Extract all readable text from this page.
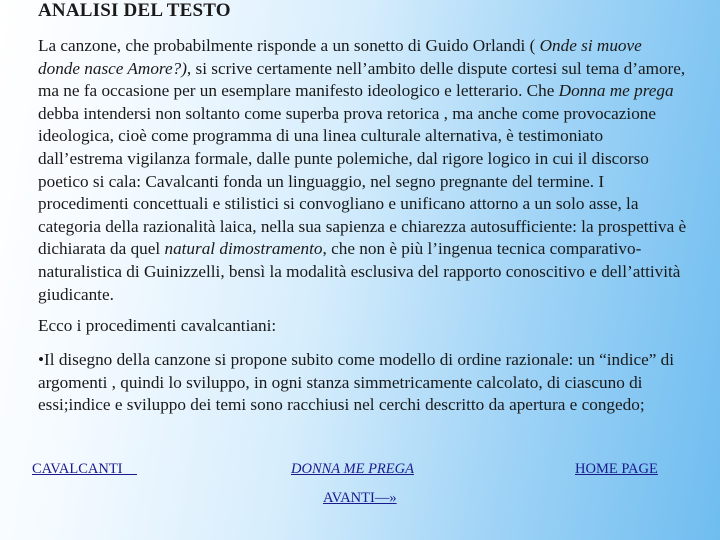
ANALISI DEL TESTO

La canzone, che probabilmente risponde a un sonetto di Guido Orlandi ( Onde si muove donde nasce Amore?), si scrive certamente nell’ambito delle dispute cortesi sul tema d’amore, ma ne fa occasione per un esemplare manifesto ideologico e letterario. Che Donna me prega debba intendersi non soltanto come superba prova retorica , ma anche come provocazione ideologica, cioè come programma di una linea culturale alternativa, è testimoniato dall’estrema vigilanza formale, dalle punte polemiche, dal rigore logico in cui il discorso poetico si cala: Cavalcanti fonda un linguaggio, nel segno pregnante del termine. I procedimenti concettuali e stilistici si convogliano e unificano attorno a un solo asse, la categoria della razionalità laica, nella sua sapienza e chiarezza autosufficiente: la prospettiva è dichiarata da quel natural dimostramento, che non è più l’ingenua tecnica comparativo-naturalistica di Guinizzelli, bensì la modalità esclusiva del rapporto conoscitivo e dell’attività giudicante.

Ecco i procedimenti cavalcantiani:

•Il disegno della canzone si propone subito come modello di ordine razionale: un “indice” di argomenti , quindi lo sviluppo, in ogni stanza simmetricamente calcolato, di ciascuno di essi;indice e sviluppo dei temi sono racchiusi nel cerchi descritto da apertura e congedo;

CAVALCANTI	DONNA ME PREGA	HOME PAGE
AVANTI—»
